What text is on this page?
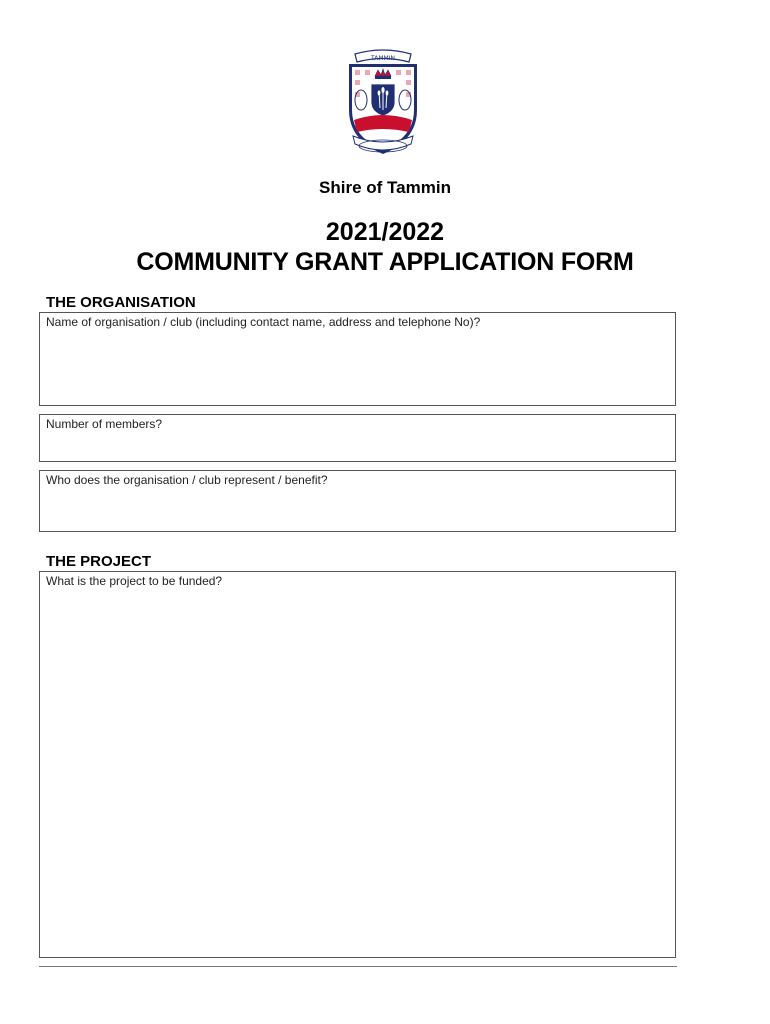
TAMMIN
Shire of Tammin
2021/2022
COMMUNITY GRANT APPLICATION FORM
THE ORGANISATION
Name of organisation / club (including contact name, address and telephone No)?
Number of members?
Who does the organisation / club represent / benefit?
THE PROJECT
What is the project to be funded?
